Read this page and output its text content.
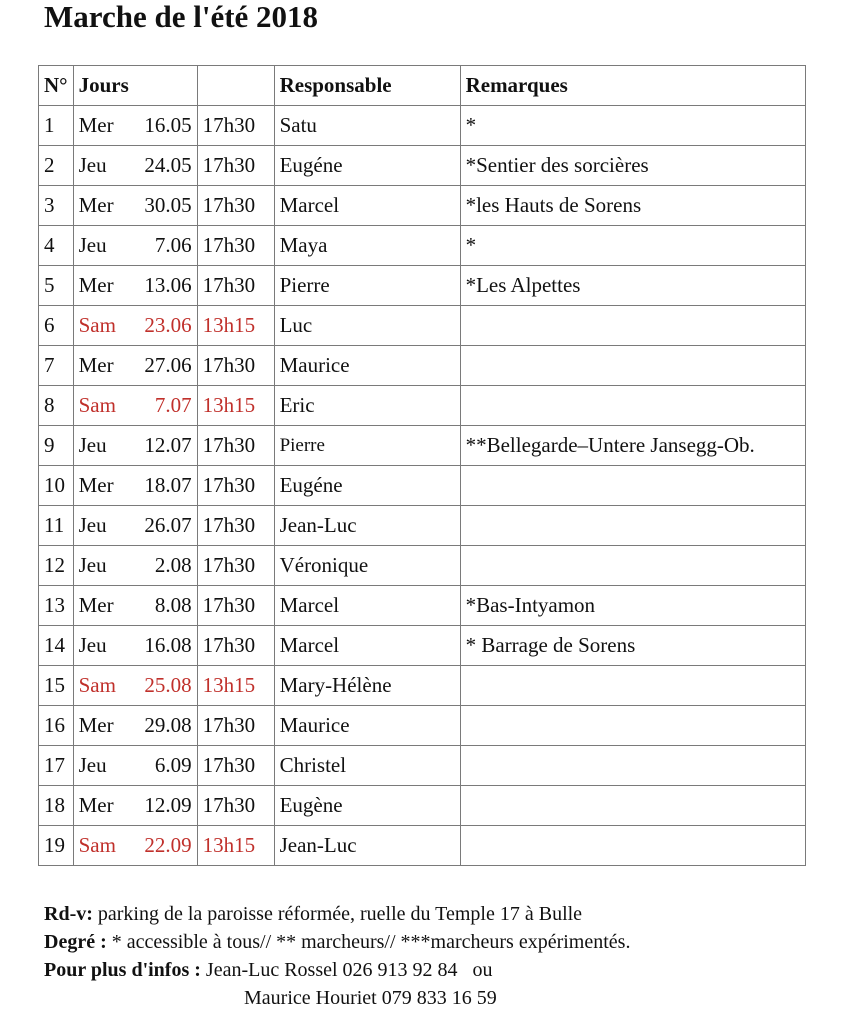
Marche de l'été 2018
N°	Jours		Responsable	Remarques
1	Mer 16.05	17h30	Satu	*
2	Jeu 24.05	17h30	Eugéne	*Sentier des sorcières
3	Mer 30.05	17h30	Marcel	*les Hauts de Sorens
4	Jeu 7.06	17h30	Maya	*
5	Mer 13.06	17h30	Pierre	*Les Alpettes
6	Sam 23.06	13h15	Luc	
7	Mer 27.06	17h30	Maurice	
8	Sam 7.07	13h15	Eric	
9	Jeu 12.07	17h30	Pierre	**Bellegarde–Untere Jansegg-Ob.
10	Mer 18.07	17h30	Eugéne	
11	Jeu 26.07	17h30	Jean-Luc	
12	Jeu 2.08	17h30	Véronique	
13	Mer 8.08	17h30	Marcel	*Bas-Intyamon
14	Jeu 16.08	17h30	Marcel	* Barrage de Sorens
15	Sam 25.08	13h15	Mary-Hélène	
16	Mer 29.08	17h30	Maurice	
17	Jeu 6.09	17h30	Christel	
18	Mer 12.09	17h30	Eugène	
19	Sam 22.09	13h15	Jean-Luc	
Rd-v: parking de la paroisse réformée, ruelle du Temple 17 à Bulle
Degré : * accessible à tous// ** marcheurs// ***marcheurs expérimentés.
Pour plus d'infos : Jean-Luc Rossel 026 913 92 84   ou
Maurice Houriet 079 833 16 59
